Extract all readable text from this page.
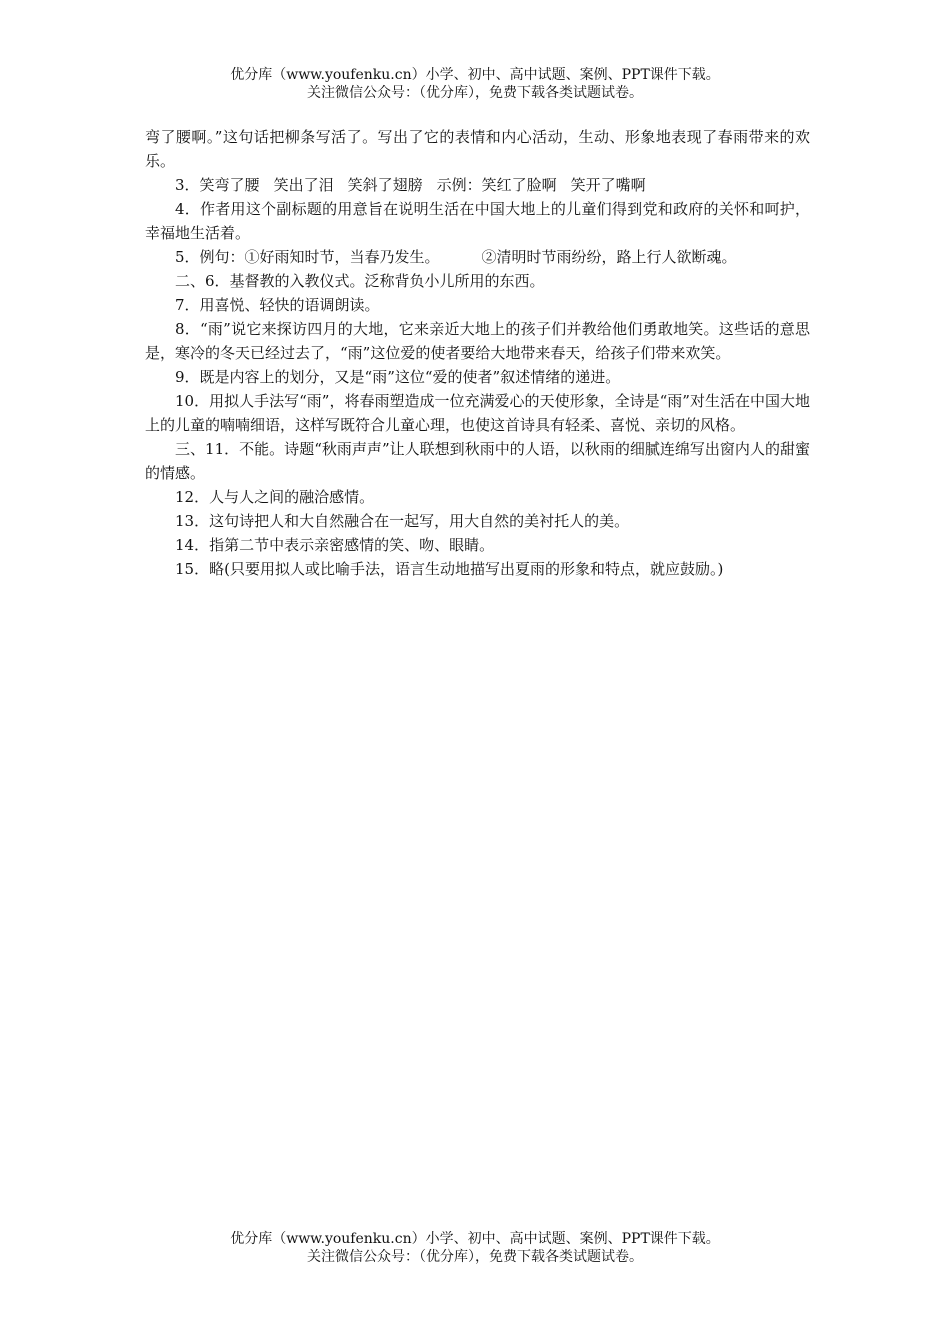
优分库（www.youfenku.cn）小学、初中、高中试题、案例、PPT课件下载。
关注微信公众号：（优分库），免费下载各类试题试卷。

弯了腰啊。”这句话把柳条写活了。写出了它的表情和内心活动，生动、形象地表现了春雨带来的欢乐。

3．笑弯了腰 笑出了泪 笑斜了翅膀 示例：笑红了脸啊 笑开了嘴啊

4．作者用这个副标题的用意旨在说明生活在中国大地上的儿童们得到党和政府的关怀和呵护，幸福地生活着。

5．例句：①好雨知时节，当春乃发生。	②清明时节雨纷纷，路上行人欲断魂。

二、6．基督教的入教仪式。泛称背负小儿所用的东西。

7．用喜悦、轻快的语调朗读。

8．“雨”说它来探访四月的大地，它来亲近大地上的孩子们并教给他们勇敢地笑。这些话的意思是，寒冷的冬天已经过去了，“雨”这位爱的使者要给大地带来春天，给孩子们带来欢笑。

9．既是内容上的划分，又是“雨”这位“爱的使者”叙述情绪的递进。

10．用拟人手法写“雨”，将春雨塑造成一位充满爱心的天使形象，全诗是“雨”对生活在中国大地上的儿童的喃喃细语，这样写既符合儿童心理，也使这首诗具有轻柔、喜悦、亲切的风格。

三、11．不能。诗题“秋雨声声”让人联想到秋雨中的人语，以秋雨的细腻连绵写出窗内人的甜蜜的情感。

12．人与人之间的融洽感情。

13．这句诗把人和大自然融合在一起写，用大自然的美衬托人的美。

14．指第二节中表示亲密感情的笑、吻、眼睛。

15．略(只要用拟人或比喻手法，语言生动地描写出夏雨的形象和特点，就应鼓励。)

优分库（www.youfenku.cn）小学、初中、高中试题、案例、PPT课件下载。
关注微信公众号：（优分库），免费下载各类试题试卷。
